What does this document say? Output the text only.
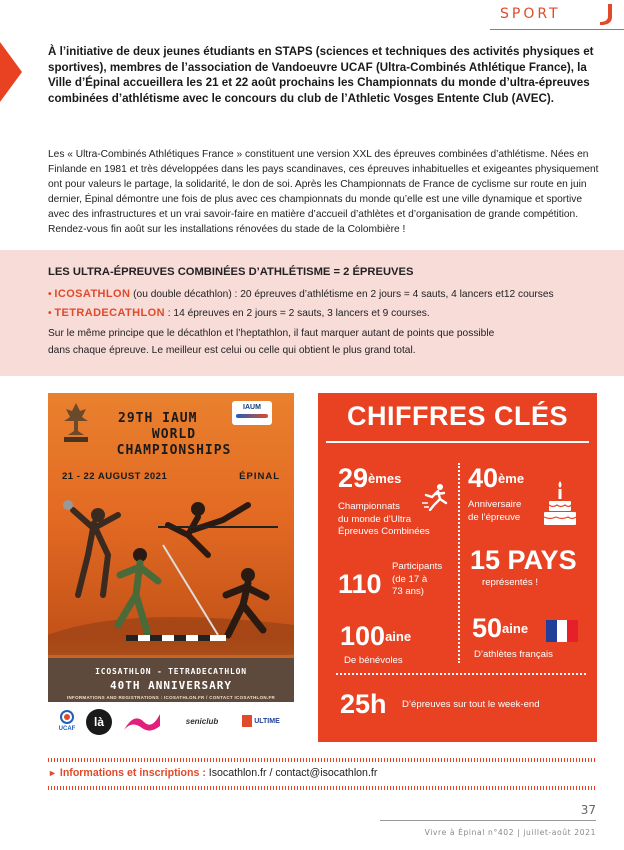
SPORT

À l’initiative de deux jeunes étudiants en STAPS (sciences et techniques des activités physiques et sportives), membres de l’association de Vandoeuvre UCAF (Ultra-Combinés Athlétique France), la Ville d’Épinal accueillera les 21 et 22 août prochains les Championnats du monde d’ultra-épreuves combinées d’athlétisme avec le concours du club de l’Athletic Vosges Entente Club (AVEC).

Les « Ultra-Combinés Athlétiques France » constituent une version XXL des épreuves combinées d’athlétisme. Nées en Finlande en 1981 et très développées dans les pays scandinaves, ces épreuves inhabituelles et exigeantes physiquement ont pour valeurs le partage, la solidarité, le don de soi. Après les Championnats de France de cyclisme sur route en juin dernier, Épinal démontre une fois de plus avec ces championnats du monde qu’elle est une ville dynamique et sportive avec des infrastructures et un vrai savoir-faire en matière d’accueil d’athlètes et d’organisation de grande compétition. Rendez-vous fin août sur les installations rénovées du stade de la Colombière !

LES ULTRA-ÉPREUVES COMBINÉES D’ATHLÉTISME = 2 ÉPREUVES
• ICOSATHLON (ou double décathlon) : 20 épreuves d’athlétisme en 2 jours = 4 sauts, 4 lancers et12 courses
• TETRADECATHLON : 14 épreuves en 2 jours = 2 sauts, 3 lancers et 9 courses.
Sur le même principe que le décathlon et l’heptathlon, il faut marquer autant de points que possible
dans chaque épreuve. Le meilleur est celui ou celle qui obtient le plus grand total.
IAUM
29TH IAUM
WORLD
CHAMPIONSHIPS
21 - 22 AUGUST 2021	ÉPINAL
ICOSATHLON - TETRADECATHLON
40TH ANNIVERSARY
INFORMATIONS AND REGISTRATIONS : ICOSATHLON.FR / CONTACT ICOSATHLON.FR
UCAF	là	seniclub	ULTIME
CHIFFRES CLÉS
29èmes
Championnats
du monde d’Ultra
Épreuves Combinées
40ème
Anniversaire
de l’épreuve
15 PAYS
représentés !
110
Participants
(de 17 à
73 ans)
$100^{aine}$
De bénévoles
$50^{aine}$
D’athlètes français
25h D’épreuves sur tout le week-end
► Informations et inscriptions : Isocathlon.fr / contact@isocathlon.fr
37
Vivre à Épinal n°402 | juillet-août 2021
